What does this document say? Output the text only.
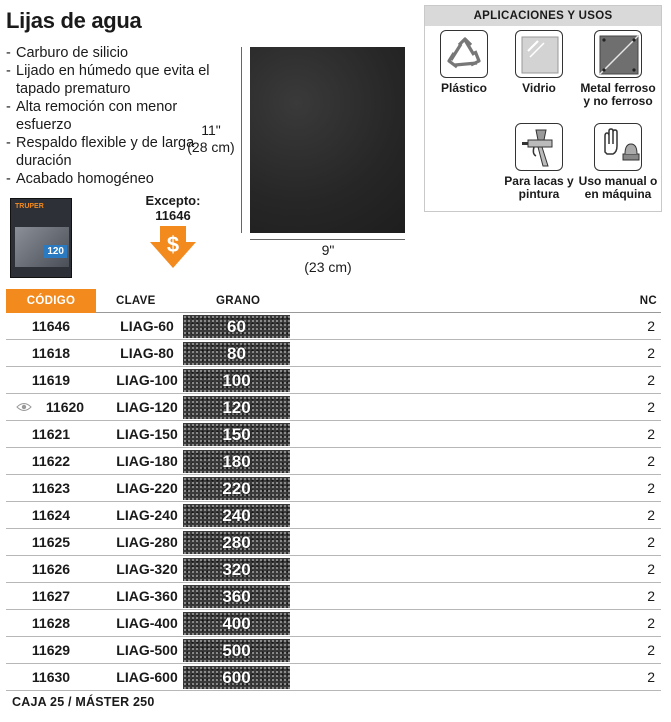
Lijas de agua
- Carburo de silicio
- Lijado en húmedo que evita el tapado prematuro
- Alta remoción con menor esfuerzo
- Respaldo flexible y de larga duración
- Acabado homogéneo
TRUPER
120
Excepto:
11646
$
11"
(28 cm)
9"
(23 cm)
APLICACIONES Y USOS
Plástico	Vidrio	Metal ferroso y no ferroso
Para lacas y pintura
Uso manual o en máquina
CÓDIGO	CLAVE	GRANO	NC
11646	LIAG-60	60	2
11618	LIAG-80	80	2
11619	LIAG-100	100	2
11620	LIAG-120	120	2
11621	LIAG-150	150	2
11622	LIAG-180	180	2
11623	LIAG-220	220	2
11624	LIAG-240	240	2
11625	LIAG-280	280	2
11626	LIAG-320	320	2
11627	LIAG-360	360	2
11628	LIAG-400	400	2
11629	LIAG-500	500	2
11630	LIAG-600	600	2
CAJA 25 / MÁSTER 250
